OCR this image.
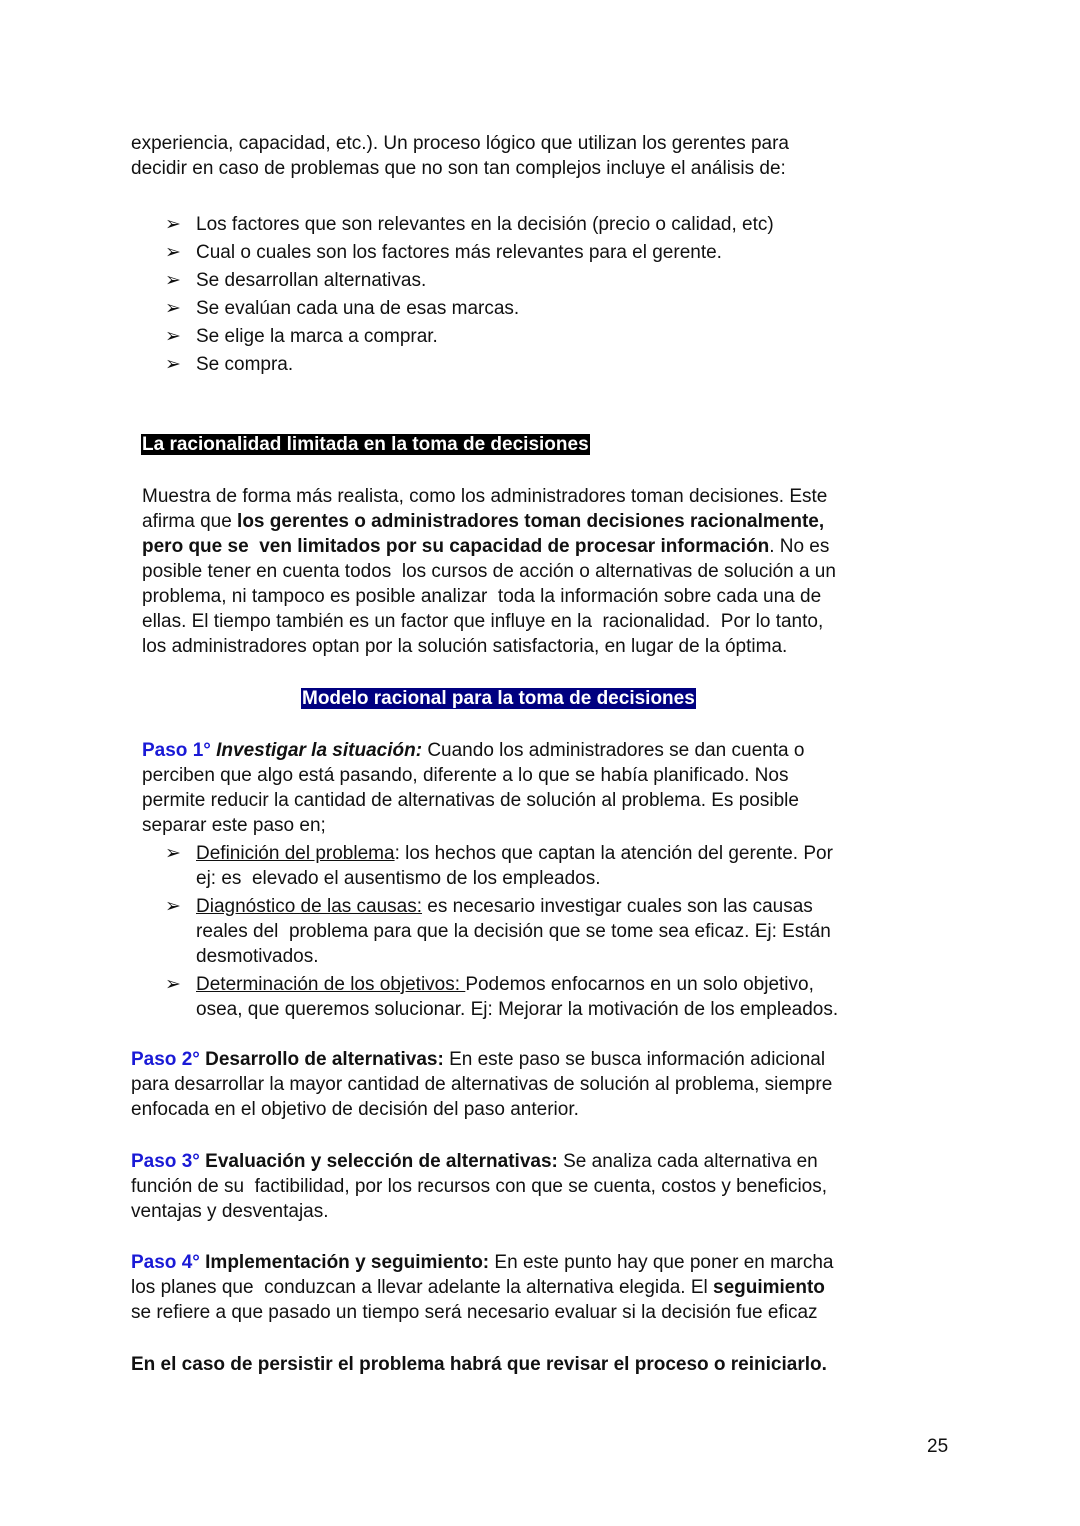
experiencia, capacidad, etc.). Un proceso lógico que utilizan los gerentes para
decidir en caso de problemas que no son tan complejos incluye el análisis de:
➢ Los factores que son relevantes en la decisión (precio o calidad, etc)
➢ Cual o cuales son los factores más relevantes para el gerente.
➢ Se desarrollan alternativas.
➢ Se evalúan cada una de esas marcas.
➢ Se elige la marca a comprar.
➢ Se compra.
La racionalidad limitada en la toma de decisiones
Muestra de forma más realista, como los administradores toman decisiones. Este
afirma que los gerentes o administradores toman decisiones racionalmente,
pero que se  ven limitados por su capacidad de procesar información. No es
posible tener en cuenta todos  los cursos de acción o alternativas de solución a un
problema, ni tampoco es posible analizar  toda la información sobre cada una de
ellas. El tiempo también es un factor que influye en la  racionalidad.  Por lo tanto,
los administradores optan por la solución satisfactoria, en lugar de la óptima.
Modelo racional para la toma de decisiones
Paso 1° Investigar la situación: Cuando los administradores se dan cuenta o
perciben que algo está pasando, diferente a lo que se había planificado. Nos
permite reducir la cantidad de alternativas de solución al problema. Es posible
separar este paso en;
➢ Definición del problema: los hechos que captan la atención del gerente. Por
ej: es  elevado el ausentismo de los empleados.
➢ Diagnóstico de las causas: es necesario investigar cuales son las causas
reales del  problema para que la decisión que se tome sea eficaz. Ej: Están
desmotivados.
➢ Determinación de los objetivos: Podemos enfocarnos en un solo objetivo,
osea, que queremos solucionar. Ej: Mejorar la motivación de los empleados.
Paso 2° Desarrollo de alternativas: En este paso se busca información adicional
para desarrollar la mayor cantidad de alternativas de solución al problema, siempre
enfocada en el objetivo de decisión del paso anterior.
Paso 3° Evaluación y selección de alternativas: Se analiza cada alternativa en
función de su  factibilidad, por los recursos con que se cuenta, costos y beneficios,
ventajas y desventajas.
Paso 4° Implementación y seguimiento: En este punto hay que poner en marcha
los planes que  conduzcan a llevar adelante la alternativa elegida. El seguimiento
se refiere a que pasado un tiempo será necesario evaluar si la decisión fue eficaz
En el caso de persistir el problema habrá que revisar el proceso o reiniciarlo.
25
